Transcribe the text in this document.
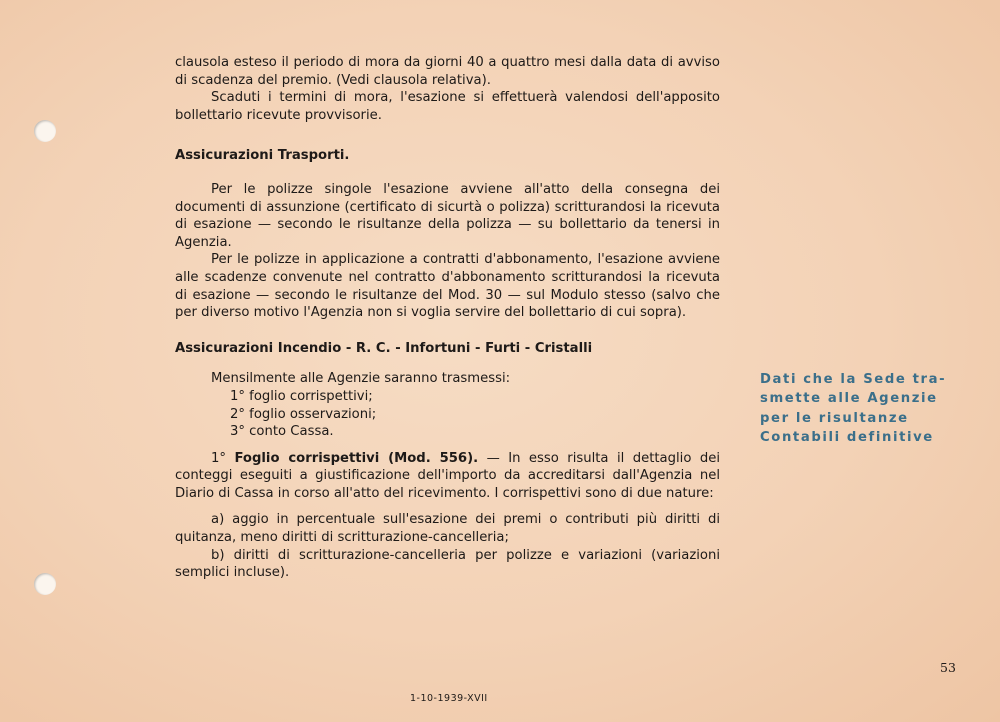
clausola esteso il periodo di mora da giorni 40 a quattro mesi dalla data di avviso di scadenza del premio. (Vedi clausola relativa).

Scaduti i termini di mora, l'esazione si effettuerà valendosi dell'apposito bollettario ricevute provvisorie.

Assicurazioni Trasporti.

Per le polizze singole l'esazione avviene all'atto della consegna dei documenti di assunzione (certificato di sicurtà o polizza) scritturandosi la ricevuta di esazione — secondo le risultanze della polizza — su bollettario da tenersi in Agenzia.

Per le polizze in applicazione a contratti d'abbonamento, l'esazione avviene alle scadenze convenute nel contratto d'abbonamento scritturandosi la ricevuta di esazione — secondo le risultanze del Mod. 30 — sul Modulo stesso (salvo che per diverso motivo l'Agenzia non si voglia servire del bollettario di cui sopra).

Assicurazioni Incendio - R. C. - Infortuni - Furti - Cristalli

Mensilmente alle Agenzie saranno trasmessi:

1° foglio corrispettivi;

2° foglio osservazioni;

3° conto Cassa.

1° Foglio corrispettivi (Mod. 556). — In esso risulta il dettaglio dei conteggi eseguiti a giustificazione dell'importo da accreditarsi dall'Agenzia nel Diario di Cassa in corso all'atto del ricevimento. I corrispettivi sono di due nature:

a) aggio in percentuale sull'esazione dei premi o contributi più diritti di quitanza, meno diritti di scritturazione-cancelleria;

b) diritti di scritturazione-cancelleria per polizze e variazioni (variazioni semplici incluse).

Dati che la Sede tra-
smette alle Agenzie
per le risultanze
Contabili definitive
53
1-10-1939-XVII
